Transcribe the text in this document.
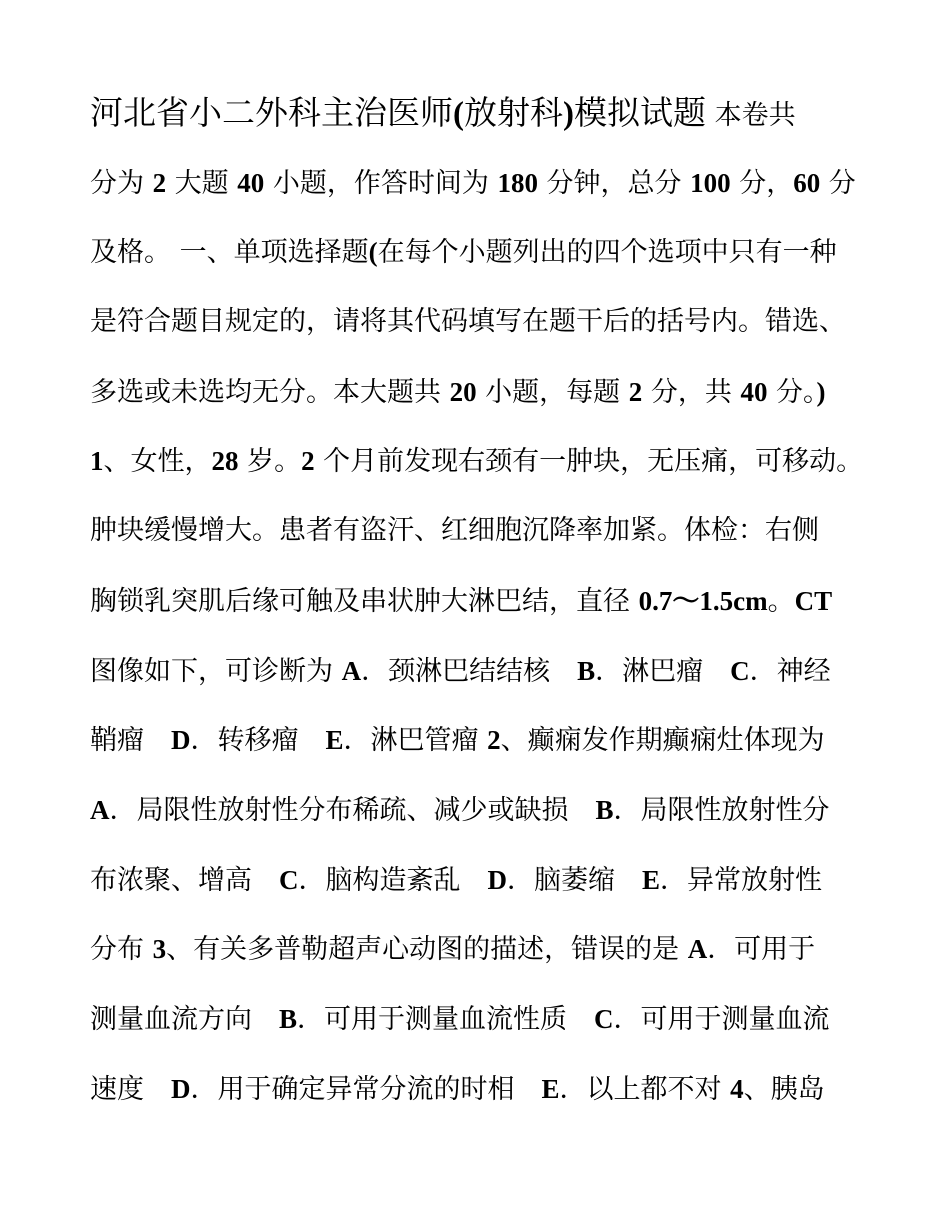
河北省小二外科主治医师(放射科)模拟试题 本卷共
分为 2 大题 40 小题，作答时间为 180 分钟，总分 100 分，60 分
及格。 一、单项选择题(在每个小题列出的四个选项中只有一种
是符合题目规定的，请将其代码填写在题干后的括号内。错选、
多选或未选均无分。本大题共 20 小题，每题 2 分，共 40 分。)
1、女性，28 岁。2 个月前发现右颈有一肿块，无压痛，可移动。
肿块缓慢增大。患者有盗汗、红细胞沉降率加紧。体检：右侧
胸锁乳突肌后缘可触及串状肿大淋巴结，直径 0.7～1.5cm。CT
图像如下，可诊断为 A．颈淋巴结结核　B．淋巴瘤　C．神经
鞘瘤　D．转移瘤　E．淋巴管瘤 2、癫痫发作期癫痫灶体现为
A．局限性放射性分布稀疏、减少或缺损　B．局限性放射性分
布浓聚、增高　C．脑构造紊乱　D．脑萎缩　E．异常放射性
分布 3、有关多普勒超声心动图的描述，错误的是 A．可用于
测量血流方向　B．可用于测量血流性质　C．可用于测量血流
速度　D．用于确定异常分流的时相　E．以上都不对 4、胰岛
